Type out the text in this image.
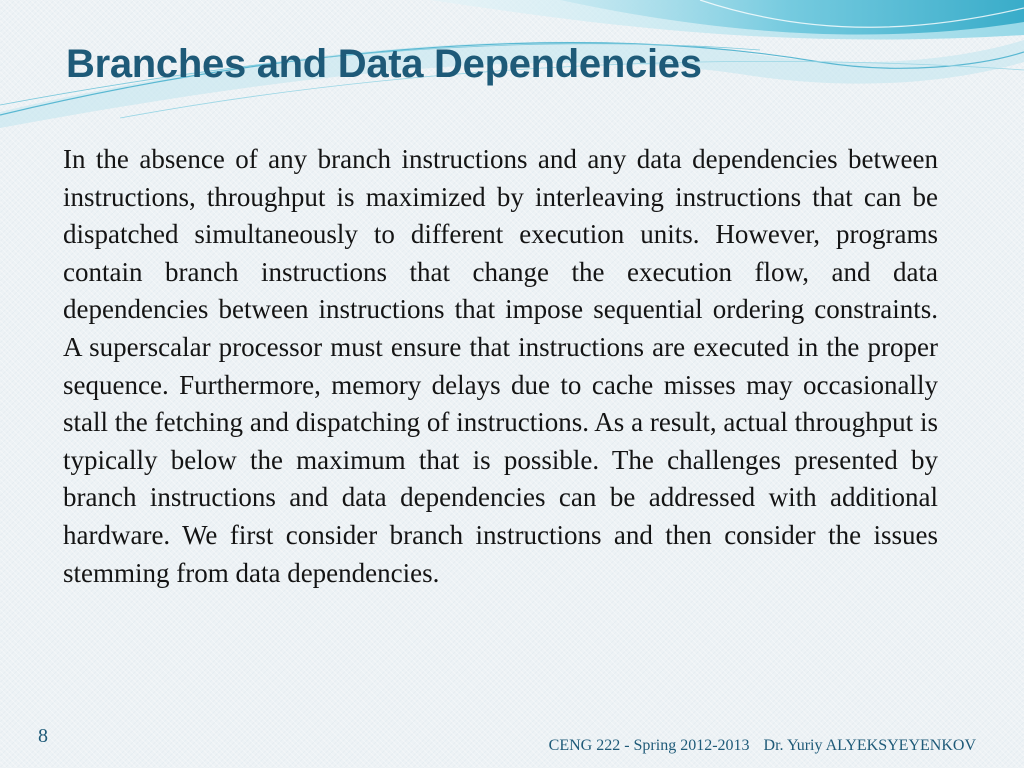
Branches and Data Dependencies

In the absence of any branch instructions and any data dependencies between instructions, throughput is maximized by interleaving instructions that can be dispatched simultaneously to different execution units. However, programs contain branch instructions that change the execution flow, and data dependencies between instructions that impose sequential ordering constraints. A superscalar processor must ensure that instructions are executed in the proper sequence. Furthermore, memory delays due to cache misses may occasionally stall the fetching and dispatching of instructions. As a result, actual throughput is typically below the maximum that is possible. The challenges presented by branch instructions and data dependencies can be addressed with additional hardware. We first consider branch instructions and then consider the issues stemming from data dependencies.

8	CENG 222 - Spring 2012-2013 Dr. Yuriy ALYEKSYEYENKOV
